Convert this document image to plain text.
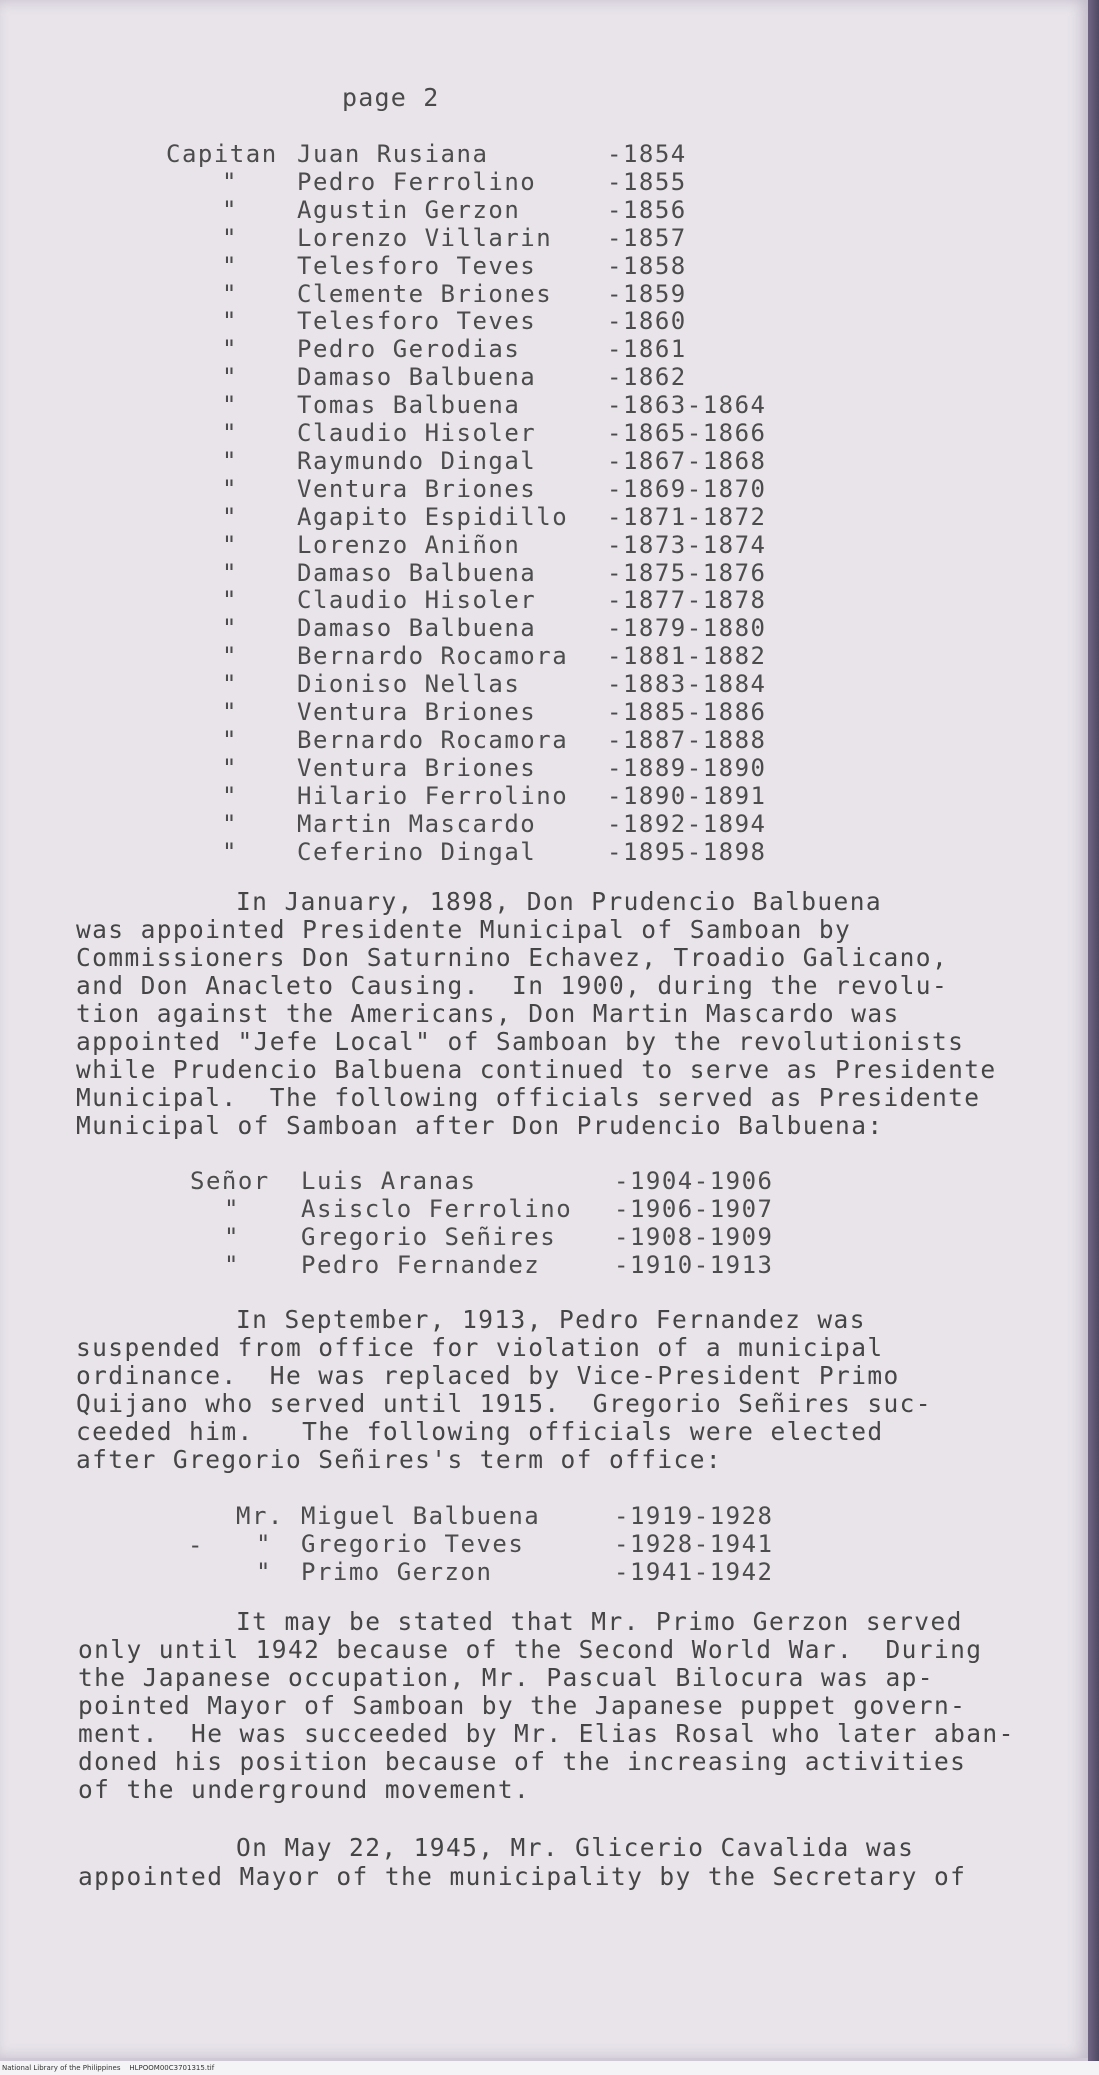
page 2
Capitan Juan Rusiana	-1854
" Pedro Ferrolino	-1855
" Agustin Gerzon	-1856
" Lorenzo Villarin -1857
" Telesforo Teves	-1858
" Clemente Briones -1859
" Telesforo Teves	-1860
" Pedro Gerodias	-1861
" Damaso Balbuena	-1862
" Tomas Balbuena	-1863-1864
" Claudio Hisoler	-1865-1866
" Raymundo Dingal	-1867-1868
" Ventura Briones	-1869-1870
" Agapito Espidillo -1871-1872
" Lorenzo Aniñon	-1873-1874
" Damaso Balbuena	-1875-1876
" Claudio Hisoler	-1877-1878
" Damaso Balbuena	-1879-1880
" Bernardo Rocamora -1881-1882
" Dioniso Nellas	-1883-1884
" Ventura Briones	-1885-1886
" Bernardo Rocamora -1887-1888
" Ventura Briones	-1889-1890
" Hilario Ferrolino -1890-1891
" Martin Mascardo	-1892-1894
" Ceferino Dingal	-1895-1898

In January, 1898, Don Prudencio Balbuena

was appointed Presidente Municipal of Samboan by

Commissioners Don Saturnino Echavez, Troadio Galicano,

and Don Anacleto Causing.  In 1900, during the revolu-

tion against the Americans, Don Martin Mascardo was

appointed "Jefe Local" of Samboan by the revolutionists

while Prudencio Balbuena continued to serve as Presidente

Municipal.  The following officials served as Presidente

Municipal of Samboan after Don Prudencio Balbuena:

Señor Luis Aranas	-1904-1906
"	Asisclo Ferrolino -1906-1907
"	Gregorio Señires -1908-1909
"	Pedro Fernandez	-1910-1913

In September, 1913, Pedro Fernandez was

suspended from office for violation of a municipal

ordinance.  He was replaced by Vice-President Primo

Quijano who served until 1915.  Gregorio Señires suc-

ceeded him.   The following officials were elected

after Gregorio Señires's term of office:

Mr. Miguel Balbuena	-1919-1928
" Gregorio Teves	-1928-1941
" Primo Gerzon	-1941-1942
-

It may be stated that Mr. Primo Gerzon served

only until 1942 because of the Second World War.  During

the Japanese occupation, Mr. Pascual Bilocura was ap-

pointed Mayor of Samboan by the Japanese puppet govern-

ment.  He was succeeded by Mr. Elias Rosal who later aban-

doned his position because of the increasing activities

of the underground movement.

On May 22, 1945, Mr. Glicerio Cavalida was

appointed Mayor of the municipality by the Secretary of

National Library of the Philippines    HLPOOM00C3701315.tif
